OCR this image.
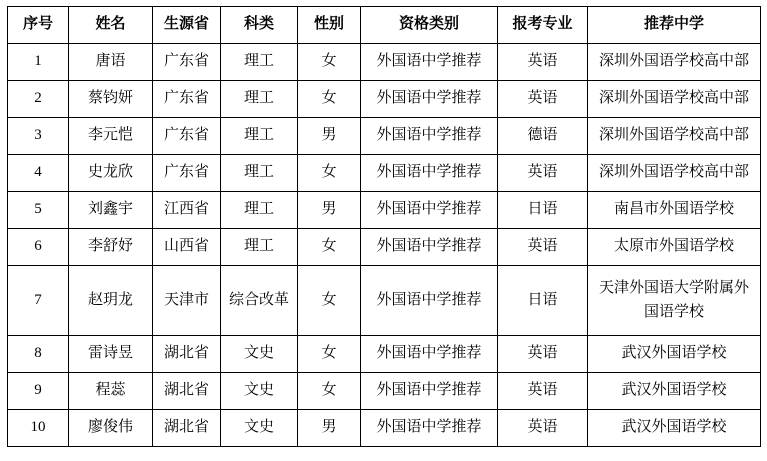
序号	姓名	生源省	科类	性别	资格类别	报考专业	推荐中学
1	唐语	广东省	理工	女	外国语中学推荐	英语	深圳外国语学校高中部
2	蔡钧妍	广东省	理工	女	外国语中学推荐	英语	深圳外国语学校高中部
3	李元恺	广东省	理工	男	外国语中学推荐	德语	深圳外国语学校高中部
4	史龙欣	广东省	理工	女	外国语中学推荐	英语	深圳外国语学校高中部
5	刘鑫宇	江西省	理工	男	外国语中学推荐	日语	南昌市外国语学校
6	李舒妤	山西省	理工	女	外国语中学推荐	英语	太原市外国语学校
7	赵玥龙	天津市	综合改革	女	外国语中学推荐	日语	天津外国语大学附属外国语学校
8	雷诗昱	湖北省	文史	女	外国语中学推荐	英语	武汉外国语学校
9	程蕊	湖北省	文史	女	外国语中学推荐	英语	武汉外国语学校
10	廖俊伟	湖北省	文史	男	外国语中学推荐	英语	武汉外国语学校
